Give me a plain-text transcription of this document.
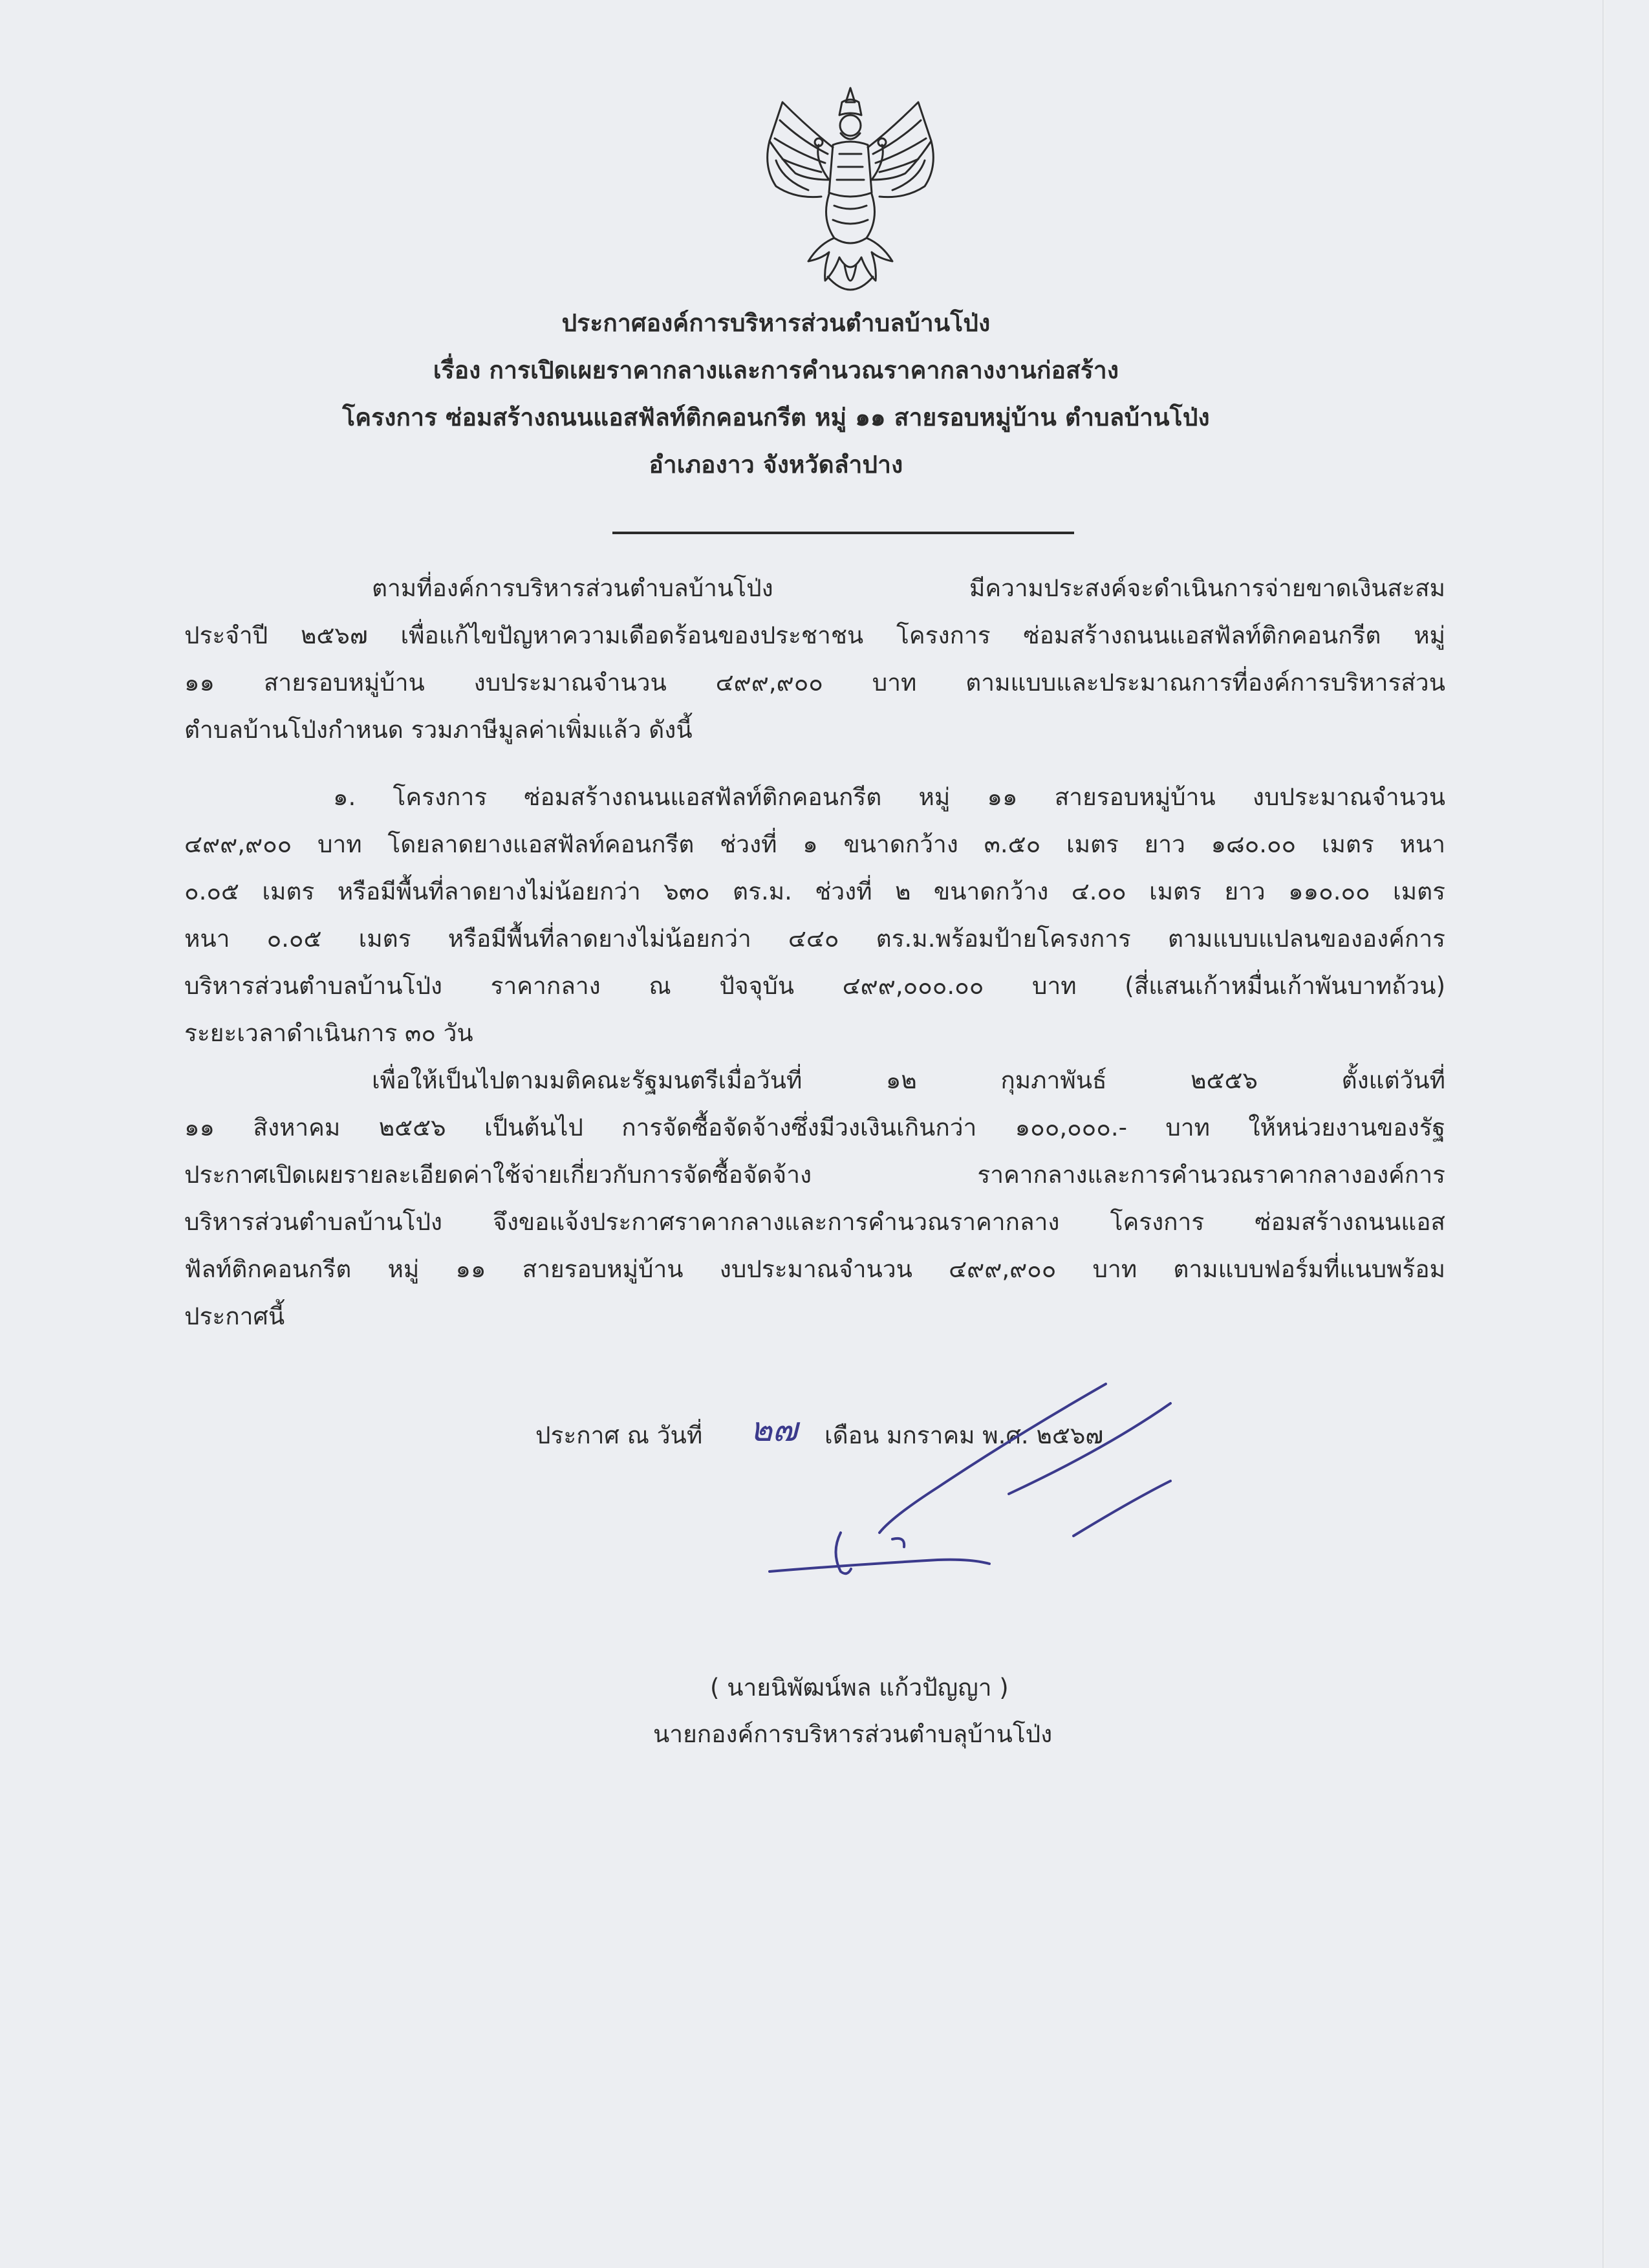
ประกาศองค์การบริหารส่วนตำบลบ้านโป่ง
เรื่อง การเปิดเผยราคากลางและการคำนวณราคากลางงานก่อสร้าง
โครงการ ซ่อมสร้างถนนแอสฟัลท์ติกคอนกรีต หมู่ ๑๑ สายรอบหมู่บ้าน ตำบลบ้านโป่ง
อำเภองาว จังหวัดลำปาง
ตามที่องค์การบริหารส่วนตำบลบ้านโป่ง มีความประสงค์จะดำเนินการจ่ายขาดเงินสะสม
ประจำปี ๒๕๖๗ เพื่อแก้ไขปัญหาความเดือดร้อนของประชาชน โครงการ ซ่อมสร้างถนนแอสฟัลท์ติกคอนกรีต หมู่
๑๑ สายรอบหมู่บ้าน งบประมาณจำนวน ๔๙๙,๙๐๐ บาท ตามแบบและประมาณการที่องค์การบริหารส่วน
ตำบลบ้านโป่งกำหนด รวมภาษีมูลค่าเพิ่มแล้ว ดังนี้
๑. โครงการ ซ่อมสร้างถนนแอสฟัลท์ติกคอนกรีต หมู่ ๑๑ สายรอบหมู่บ้าน งบประมาณจำนวน
๔๙๙,๙๐๐ บาท โดยลาดยางแอสฟัลท์คอนกรีต ช่วงที่ ๑ ขนาดกว้าง ๓.๕๐ เมตร ยาว ๑๘๐.๐๐ เมตร หนา
๐.๐๕ เมตร หรือมีพื้นที่ลาดยางไม่น้อยกว่า ๖๓๐ ตร.ม. ช่วงที่ ๒ ขนาดกว้าง ๔.๐๐ เมตร ยาว ๑๑๐.๐๐ เมตร
หนา ๐.๐๕ เมตร หรือมีพื้นที่ลาดยางไม่น้อยกว่า ๔๔๐ ตร.ม.พร้อมป้ายโครงการ ตามแบบแปลนขององค์การ
บริหารส่วนตำบลบ้านโป่ง ราคากลาง ณ ปัจจุบัน ๔๙๙,๐๐๐.๐๐ บาท (สี่แสนเก้าหมื่นเก้าพันบาทถ้วน)
ระยะเวลาดำเนินการ ๓๐ วัน
เพื่อให้เป็นไปตามมติคณะรัฐมนตรีเมื่อวันที่ ๑๒ กุมภาพันธ์ ๒๕๕๖ ตั้งแต่วันที่
๑๑ สิงหาคม ๒๕๕๖ เป็นต้นไป การจัดซื้อจัดจ้างซึ่งมีวงเงินเกินกว่า ๑๐๐,๐๐๐.- บาท ให้หน่วยงานของรัฐ
ประกาศเปิดเผยรายละเอียดค่าใช้จ่ายเกี่ยวกับการจัดซื้อจัดจ้าง ราคากลางและการคำนวณราคากลางองค์การ
บริหารส่วนตำบลบ้านโป่ง จึงขอแจ้งประกาศราคากลางและการคำนวณราคากลาง โครงการ ซ่อมสร้างถนนแอส
ฟัลท์ติกคอนกรีต หมู่ ๑๑ สายรอบหมู่บ้าน งบประมาณจำนวน ๔๙๙,๙๐๐ บาท ตามแบบฟอร์มที่แนบพร้อม
ประกาศนี้
ประกาศ ณ วันที่ ๒๗ เดือน มกราคม พ.ศ. ๒๕๖๗
( นายนิพัฒน์พล แก้วปัญญา )
นายกองค์การบริหารส่วนตำบลุบ้านโป่ง
